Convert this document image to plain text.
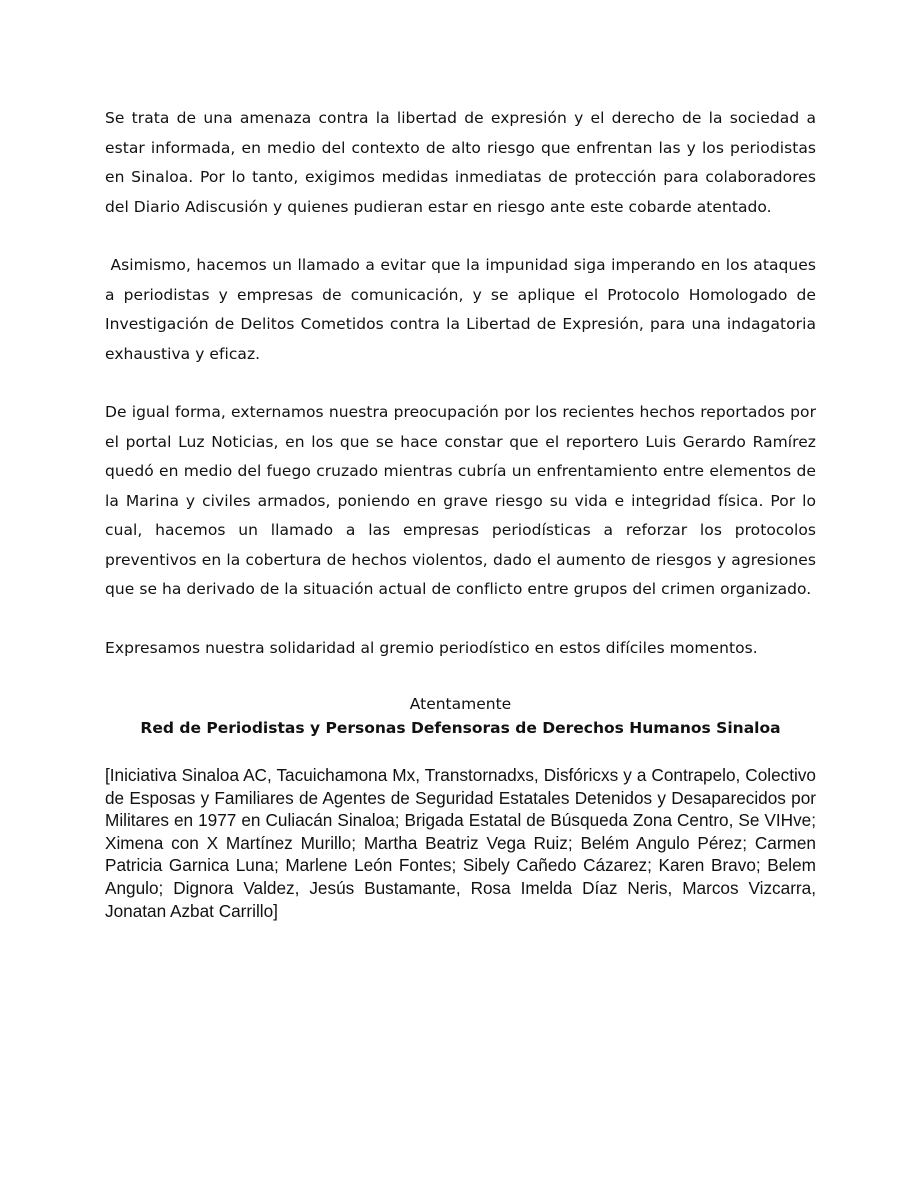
Se trata de una amenaza contra la libertad de expresión y el derecho de la sociedad a estar informada, en medio del contexto de alto riesgo que enfrentan las y los periodistas en Sinaloa. Por lo tanto, exigimos medidas inmediatas de protección para colaboradores del Diario Adiscusión y quienes pudieran estar en riesgo ante este cobarde atentado.

Asimismo, hacemos un llamado a evitar que la impunidad siga imperando en los ataques a periodistas y empresas de comunicación, y se aplique el Protocolo Homologado de Investigación de Delitos Cometidos contra la Libertad de Expresión, para una indagatoria exhaustiva y eficaz.

De igual forma, externamos nuestra preocupación por los recientes hechos reportados por el portal Luz Noticias, en los que se hace constar que el reportero Luis Gerardo Ramírez quedó en medio del fuego cruzado mientras cubría un enfrentamiento entre elementos de la Marina y civiles armados, poniendo en grave riesgo su vida e integridad física. Por lo cual, hacemos un llamado a las empresas periodísticas a reforzar los protocolos preventivos en la cobertura de hechos violentos, dado el aumento de riesgos y agresiones que se ha derivado de la situación actual de conflicto entre grupos del crimen organizado.

Expresamos nuestra solidaridad al gremio periodístico en estos difíciles momentos.

Atentamente
Red de Periodistas y Personas Defensoras de Derechos Humanos Sinaloa
[Iniciativa Sinaloa AC, Tacuichamona Mx, Transtornadxs, Disfóricxs y a Contrapelo, Colectivo de Esposas y Familiares de Agentes de Seguridad Estatales Detenidos y Desaparecidos por Militares en 1977 en Culiacán Sinaloa; Brigada Estatal de Búsqueda Zona Centro, Se VIHve; Ximena con X Martínez Murillo; Martha Beatriz Vega Ruiz; Belém Angulo Pérez; Carmen Patricia Garnica Luna; Marlene León Fontes; Sibely Cañedo Cázarez; Karen Bravo; Belem Angulo; Dignora Valdez, Jesús Bustamante, Rosa Imelda Díaz Neris, Marcos Vizcarra, Jonatan Azbat Carrillo]
